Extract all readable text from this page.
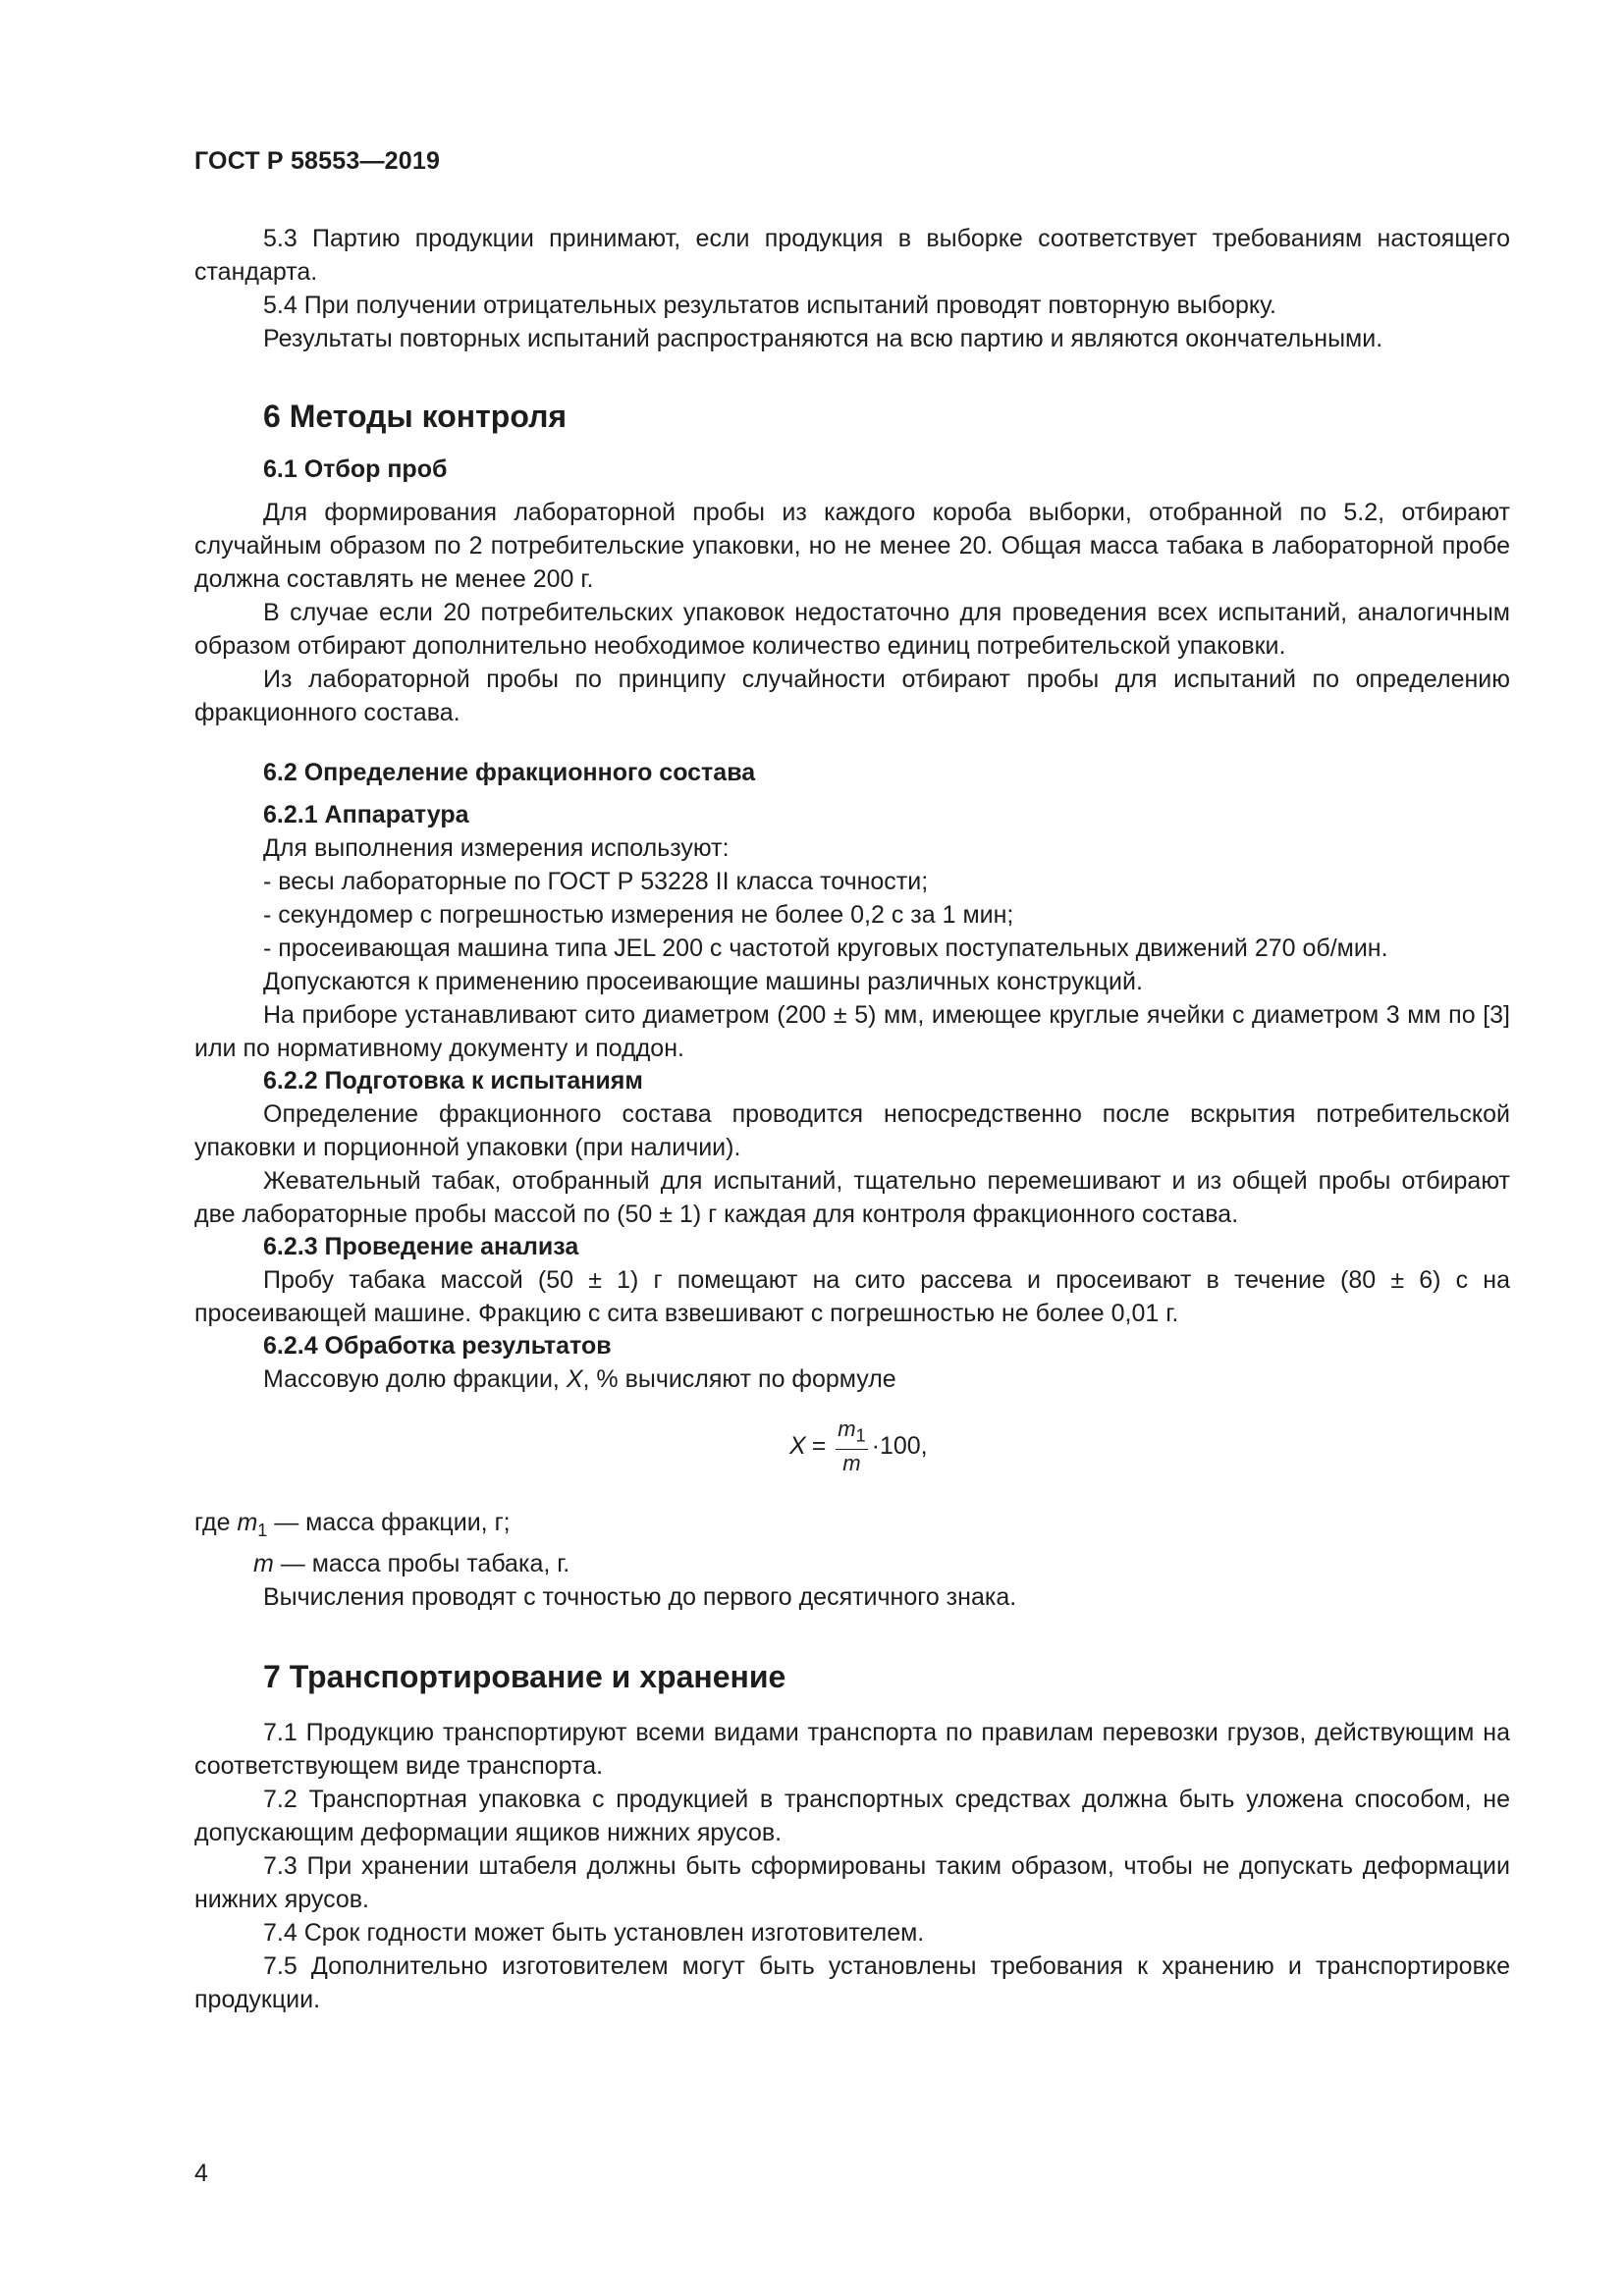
ГОСТ Р 58553—2019

5.3 Партию продукции принимают, если продукция в выборке соответствует требованиям настоящего стандарта.

5.4 При получении отрицательных результатов испытаний проводят повторную выборку.

Результаты повторных испытаний распространяются на всю партию и являются окончательными.

6 Методы контроля
6.1 Отбор проб

Для формирования лабораторной пробы из каждого короба выборки, отобранной по 5.2, отбирают случайным образом по 2 потребительские упаковки, но не менее 20. Общая масса табака в лабораторной пробе должна составлять не менее 200 г.

В случае если 20 потребительских упаковок недостаточно для проведения всех испытаний, аналогичным образом отбирают дополнительно необходимое количество единиц потребительской упаковки.

Из лабораторной пробы по принципу случайности отбирают пробы для испытаний по определению фракционного состава.

6.2 Определение фракционного состава
6.2.1 Аппаратура

Для выполнения измерения используют:

- весы лабораторные по ГОСТ Р 53228 II класса точности;

- секундомер с погрешностью измерения не более 0,2 с за 1 мин;

- просеивающая машина типа JEL 200 с частотой круговых поступательных движений 270 об/мин.

Допускаются к применению просеивающие машины различных конструкций.

На приборе устанавливают сито диаметром (200 ± 5) мм, имеющее круглые ячейки с диаметром 3 мм по [3] или по нормативному документу и поддон.

6.2.2 Подготовка к испытаниям

Определение фракционного состава проводится непосредственно после вскрытия потребительской упаковки и порционной упаковки (при наличии).

Жевательный табак, отобранный для испытаний, тщательно перемешивают и из общей пробы отбирают две лабораторные пробы массой по (50 ± 1) г каждая для контроля фракционного состава.

6.2.3 Проведение анализа

Пробу табака массой (50 ± 1) г помещают на сито рассева и просеивают в течение (80 ± 6) с на просеивающей машине. Фракцию с сита взвешивают с погрешностью не более 0,01 г.

6.2.4 Обработка результатов

Массовую долю фракции, X, % вычисляют по формуле

$X = \frac{m_1}{m} \cdot 100$,

где $m_1$ — масса фракции, г;

m — масса пробы табака, г.

Вычисления проводят с точностью до первого десятичного знака.

7 Транспортирование и хранение

7.1 Продукцию транспортируют всеми видами транспорта по правилам перевозки грузов, действующим на соответствующем виде транспорта.

7.2 Транспортная упаковка с продукцией в транспортных средствах должна быть уложена способом, не допускающим деформации ящиков нижних ярусов.

7.3 При хранении штабеля должны быть сформированы таким образом, чтобы не допускать деформации нижних ярусов.

7.4 Срок годности может быть установлен изготовителем.

7.5 Дополнительно изготовителем могут быть установлены требования к хранению и транспортировке продукции.

4
